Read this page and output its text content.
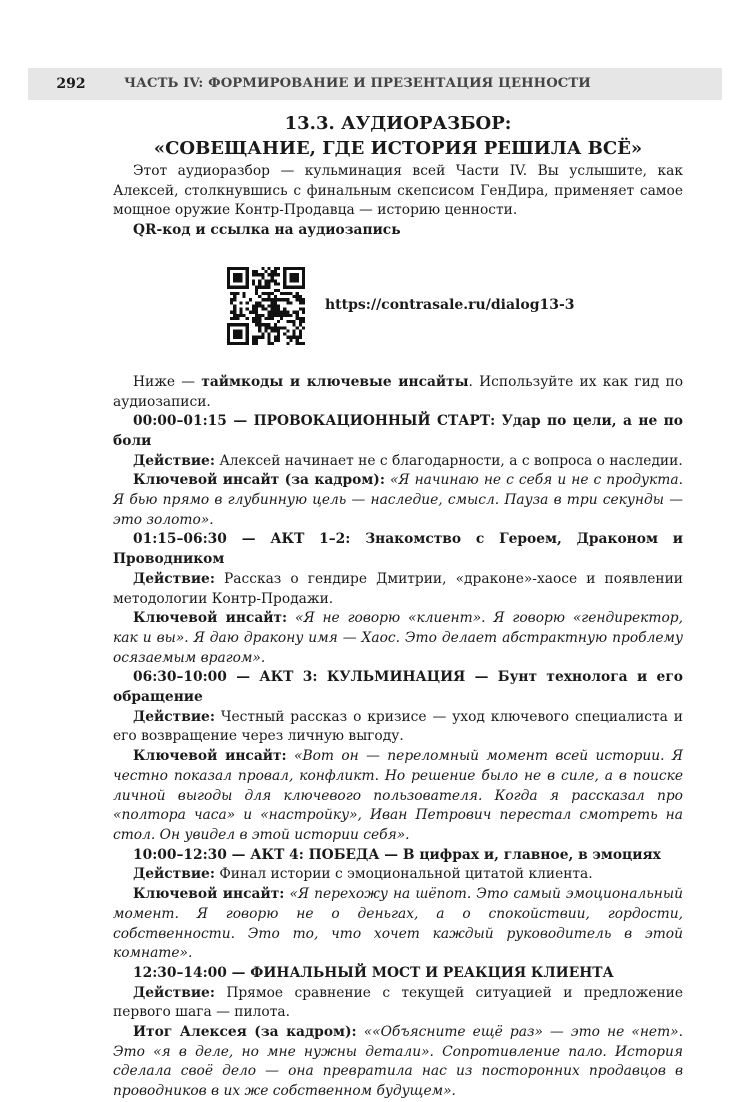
292	ЧАСТЬ IV: ФОРМИРОВАНИЕ И ПРЕЗЕНТАЦИЯ ЦЕННОСТИ
13.3. АУДИОРАЗБОР:
«СОВЕЩАНИЕ, ГДЕ ИСТОРИЯ РЕШИЛА ВСЁ»

Этот аудиоразбор — кульминация всей Части IV. Вы услышите, как Алексей, столкнувшись с финальным скепсисом ГенДира, применяет самое мощное оружие Контр-Продавца — историю ценности.

QR-код и ссылка на аудиозапись

https://contrasale.ru/dialog13-3

Ниже — таймкоды и ключевые инсайты. Используйте их как гид по аудиозаписи.

00:00–01:15 — ПРОВОКАЦИОННЫЙ СТАРТ: Удар по цели, а не по боли

Действие: Алексей начинает не с благодарности, а с вопроса о наследии.

Ключевой инсайт (за кадром): «Я начинаю не с себя и не с продукта. Я бью прямо в глубинную цель — наследие, смысл. Пауза в три секунды — это золото».

01:15–06:30 — АКТ 1–2: Знакомство с Героем, Драконом и Проводником

Действие: Рассказ о гендире Дмитрии, «драконе»-хаосе и появлении методологии Контр-Продажи.

Ключевой инсайт: «Я не говорю «клиент». Я говорю «гендиректор, как и вы». Я даю дракону имя — Хаос. Это делает абстрактную проблему осязаемым врагом».

06:30–10:00 — АКТ 3: КУЛЬМИНАЦИЯ — Бунт технолога и его обращение

Действие: Честный рассказ о кризисе — уход ключевого специалиста и его возвращение через личную выгоду.

Ключевой инсайт: «Вот он — переломный момент всей истории. Я честно показал провал, конфликт. Но решение было не в силе, а в поиске личной выгоды для ключевого пользователя. Когда я рассказал про «полтора часа» и «настройку», Иван Петрович перестал смотреть на стол. Он увидел в этой истории себя».

10:00–12:30 — АКТ 4: ПОБЕДА — В цифрах и, главное, в эмоциях

Действие: Финал истории с эмоциональной цитатой клиента.

Ключевой инсайт: «Я перехожу на шёпот. Это самый эмоциональный момент. Я говорю не о деньгах, а о спокойствии, гордости, собственности. Это то, что хочет каждый руководитель в этой комнате».

12:30–14:00 — ФИНАЛЬНЫЙ МОСТ И РЕАКЦИЯ КЛИЕНТА

Действие: Прямое сравнение с текущей ситуацией и предложение первого шага — пилота.

Итог Алексея (за кадром): ««Объясните ещё раз» — это не «нет». Это «я в деле, но мне нужны детали». Сопротивление пало. История сделала своё дело — она превратила нас из посторонних продавцов в проводников в их же собственном будущем».
